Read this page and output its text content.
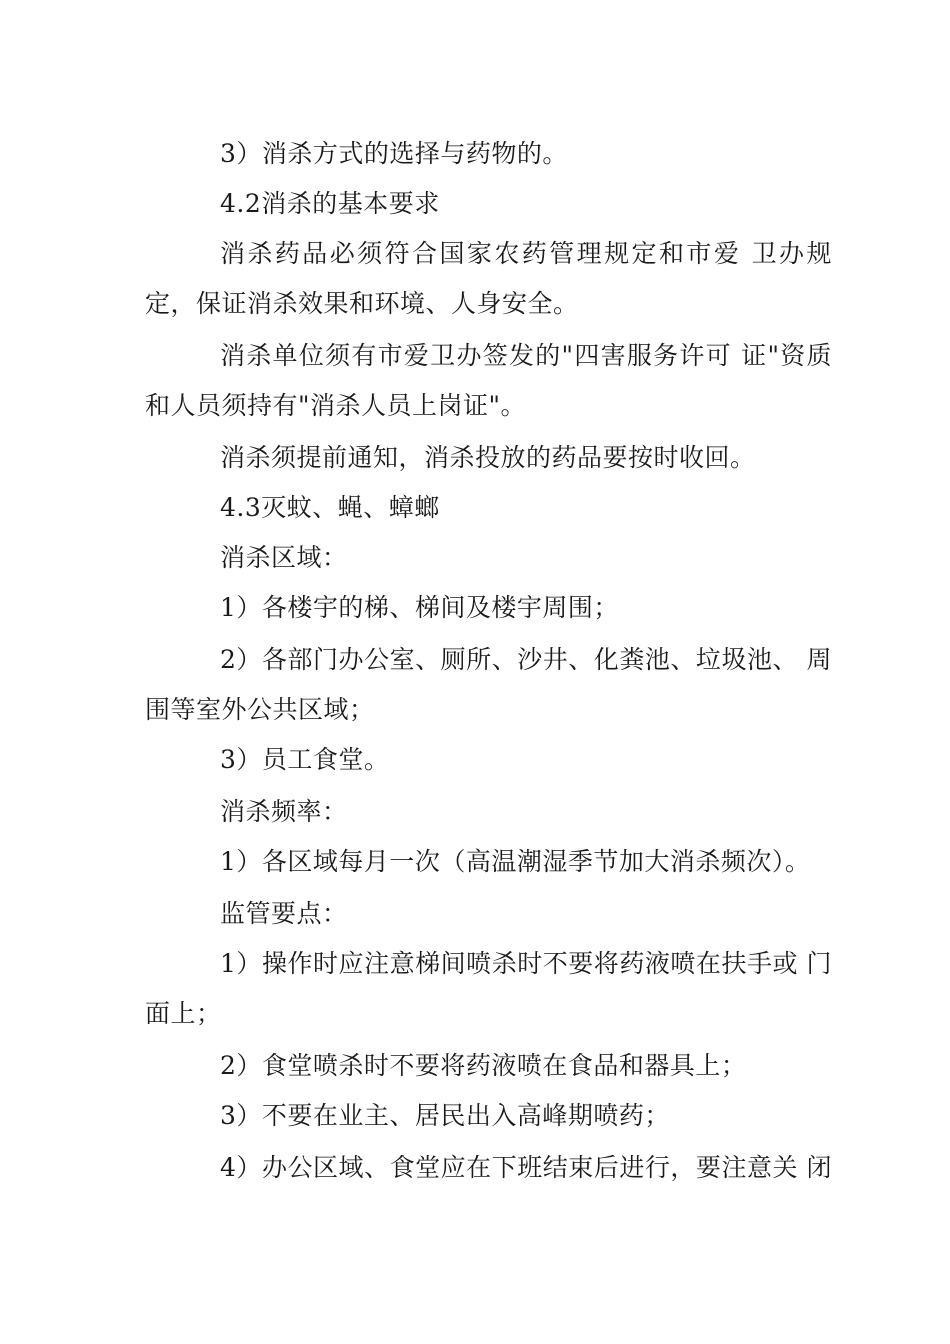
3）消杀方式的选择与药物的。
4.2消杀的基本要求
消杀药品必须符合国家农药管理规定和市爱 卫办规
定，保证消杀效果和环境、人身安全。
消杀单位须有市爱卫办签发的"四害服务许可 证"资质
和人员须持有"消杀人员上岗证"。
消杀须提前通知，消杀投放的药品要按时收回。
4.3灭蚊、蝇、蟑螂
消杀区域：
1）各楼宇的梯、梯间及楼宇周围；
2）各部门办公室、厕所、沙井、化粪池、垃圾池、 周
围等室外公共区域；
3）员工食堂。
消杀频率：
1）各区域每月一次（高温潮湿季节加大消杀频次）。
监管要点：
1）操作时应注意梯间喷杀时不要将药液喷在扶手或 门
面上；
2）食堂喷杀时不要将药液喷在食品和器具上；
3）不要在业主、居民出入高峰期喷药；
4）办公区域、食堂应在下班结束后进行，要注意关 闭
